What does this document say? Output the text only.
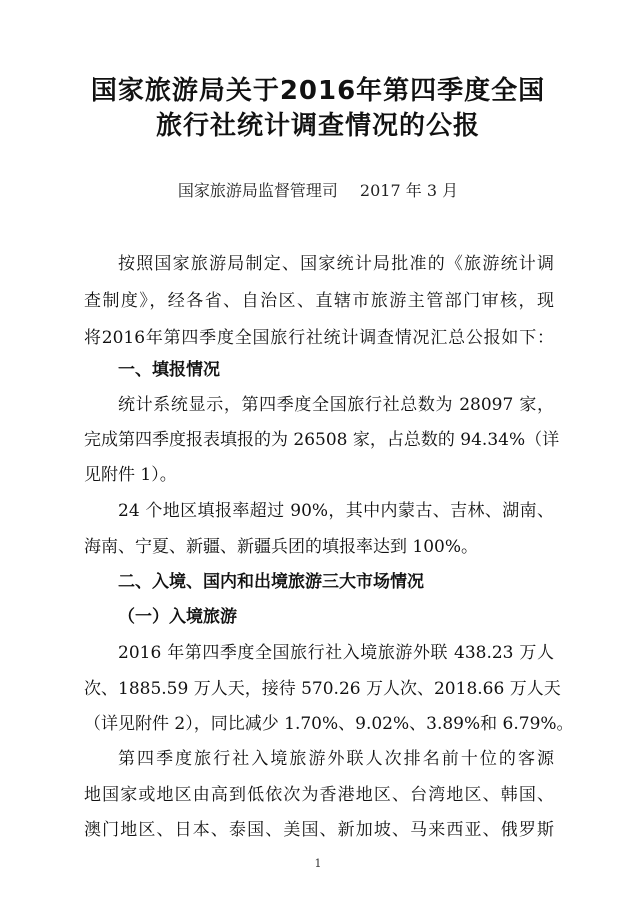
国家旅游局关于2016年第四季度全国
旅行社统计调查情况的公报
国家旅游局监督管理司 2017 年 3 月
按照国家旅游局制定、国家统计局批准的《旅游统计调
查制度》，经各省、自治区、直辖市旅游主管部门审核，现
将2016年第四季度全国旅行社统计调查情况汇总公报如下：
一、填报情况
统计系统显示，第四季度全国旅行社总数为 28097 家，
完成第四季度报表填报的为 26508 家，占总数的 94.34%（详
见附件 1）。
24 个地区填报率超过 90%，其中内蒙古、吉林、湖南、
海南、宁夏、新疆、新疆兵团的填报率达到 100%。
二、入境、国内和出境旅游三大市场情况
（一）入境旅游
2016 年第四季度全国旅行社入境旅游外联 438.23 万人
次、1885.59 万人天，接待 570.26 万人次、2018.66 万人天
（详见附件 2），同比减少 1.70%、9.02%、3.89%和 6.79%。
第四季度旅行社入境旅游外联人次排名前十位的客源
地国家或地区由高到低依次为香港地区、台湾地区、韩国、
澳门地区、日本、泰国、美国、新加坡、马来西亚、俄罗斯
1
